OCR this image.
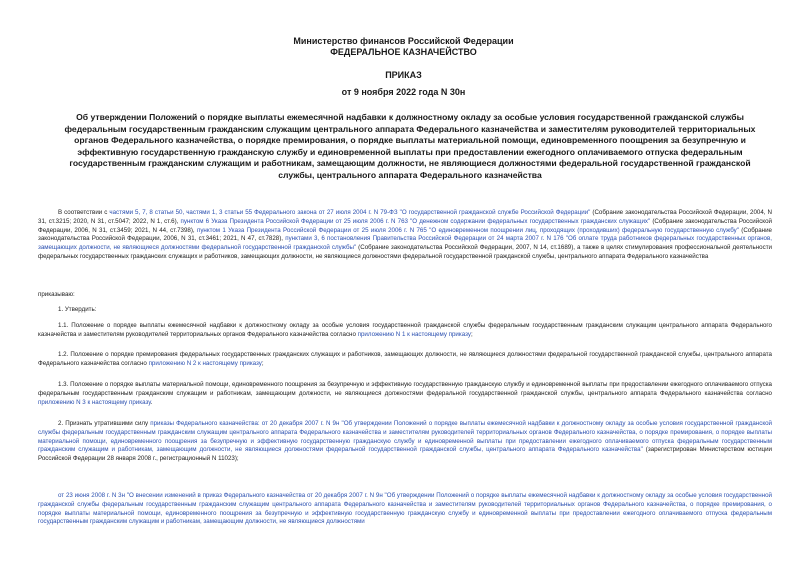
Министерство финансов Российской Федерации
ФЕДЕРАЛЬНОЕ КАЗНАЧЕЙСТВО
ПРИКАЗ
от 9 ноября 2022 года N 30н
Об утверждении Положений о порядке выплаты ежемесячной надбавки к должностному окладу за особые условия государственной гражданской службы федеральным государственным гражданским служащим центрального аппарата Федерального казначейства и заместителям руководителей территориальных органов Федерального казначейства, о порядке премирования, о порядке выплаты материальной помощи, единовременного поощрения за безупречную и эффективную государственную гражданскую службу и единовременной выплаты при предоставлении ежегодного оплачиваемого отпуска федеральным государственным гражданским служащим и работникам, замещающим должности, не являющиеся должностями федеральной государственной гражданской службы, центрального аппарата Федерального казначейства

В соответствии с частями 5, 7, 8 статьи 50, частями 1, 3 статьи 55 Федерального закона от 27 июля 2004 г. N 79-ФЗ "О государственной гражданской службе Российской Федерации" (Собрание законодательства Российской Федерации, 2004, N 31, ст.3215; 2020, N 31, ст.5047; 2022, N 1, ст.6), пунктом 6 Указа Президента Российской Федерации от 25 июля 2006 г. N 763 "О денежном содержании федеральных государственных гражданских служащих" (Собрание законодательства Российской Федерации, 2006, N 31, ст.3459; 2021, N 44, ст.7398), пунктом 1 Указа Президента Российской Федерации от 25 июля 2006 г. N 765 "О единовременном поощрении лиц, проходящих (проходивших) федеральную государственную службу" (Собрание законодательства Российской Федерации, 2006, N 31, ст.3461; 2021, N 47, ст.7828), пунктами 3, 6 постановления Правительства Российской Федерации от 24 марта 2007 г. N 176 "Об оплате труда работников федеральных государственных органов, замещающих должности, не являющиеся должностями федеральной государственной гражданской службы" (Собрание законодательства Российской Федерации, 2007, N 14, ст.1689), а также в целях стимулирования профессиональной деятельности федеральных государственных гражданских служащих и работников, замещающих должности, не являющиеся должностями федеральной государственной гражданской службы, центрального аппарата Федерального казначейства

приказываю:
1. Утвердить:

1.1. Положение о порядке выплаты ежемесячной надбавки к должностному окладу за особые условия государственной гражданской службы федеральным государственным гражданским служащим центрального аппарата Федерального казначейства и заместителям руководителей территориальных органов Федерального казначейства согласно приложению N 1 к настоящему приказу;

1.2. Положение о порядке премирования федеральных государственных гражданских служащих и работников, замещающих должности, не являющиеся должностями федеральной государственной гражданской службы, центрального аппарата Федерального казначейства согласно приложению N 2 к настоящему приказу;

1.3. Положение о порядке выплаты материальной помощи, единовременного поощрения за безупречную и эффективную государственную гражданскую службу и единовременной выплаты при предоставлении ежегодного оплачиваемого отпуска федеральным государственным гражданским служащим и работникам, замещающим должности, не являющиеся должностями федеральной государственной гражданской службы, центрального аппарата Федерального казначейства согласно приложению N 3 к настоящему приказу.

2. Признать утратившими силу приказы Федерального казначейства: от 20 декабря 2007 г. N 9н "Об утверждении Положений о порядке выплаты ежемесячной надбавки к должностному окладу за особые условия государственной гражданской службы федеральным государственным гражданским служащим центрального аппарата Федерального казначейства и заместителям руководителей территориальных органов Федерального казначейства, о порядке премирования, о порядке выплаты материальной помощи, единовременного поощрения за безупречную и эффективную государственную гражданскую службу и единовременной выплаты при предоставлении ежегодного оплачиваемого отпуска федеральным государственным гражданским служащим и работникам, замещающим должности, не являющиеся должностями федеральной государственной гражданской службы, центрального аппарата Федерального казначейства" (зарегистрирован Министерством юстиции Российской Федерации 28 января 2008 г., регистрационный N 11023);

от 23 июня 2008 г. N 3н "О внесении изменений в приказ Федерального казначейства от 20 декабря 2007 г. N 9н "Об утверждении Положений о порядке выплаты ежемесячной надбавки к должностному окладу за особые условия государственной гражданской службы федеральным государственным гражданским служащим центрального аппарата Федерального казначейства и заместителям руководителей территориальных органов Федерального казначейства, о порядке премирования, о порядке выплаты материальной помощи, единовременного поощрения за безупречную и эффективную государственную гражданскую службу и единовременной выплаты при предоставлении ежегодного оплачиваемого отпуска федеральным государственным гражданским служащим и работникам, замещающим должности, не являющиеся должностями
